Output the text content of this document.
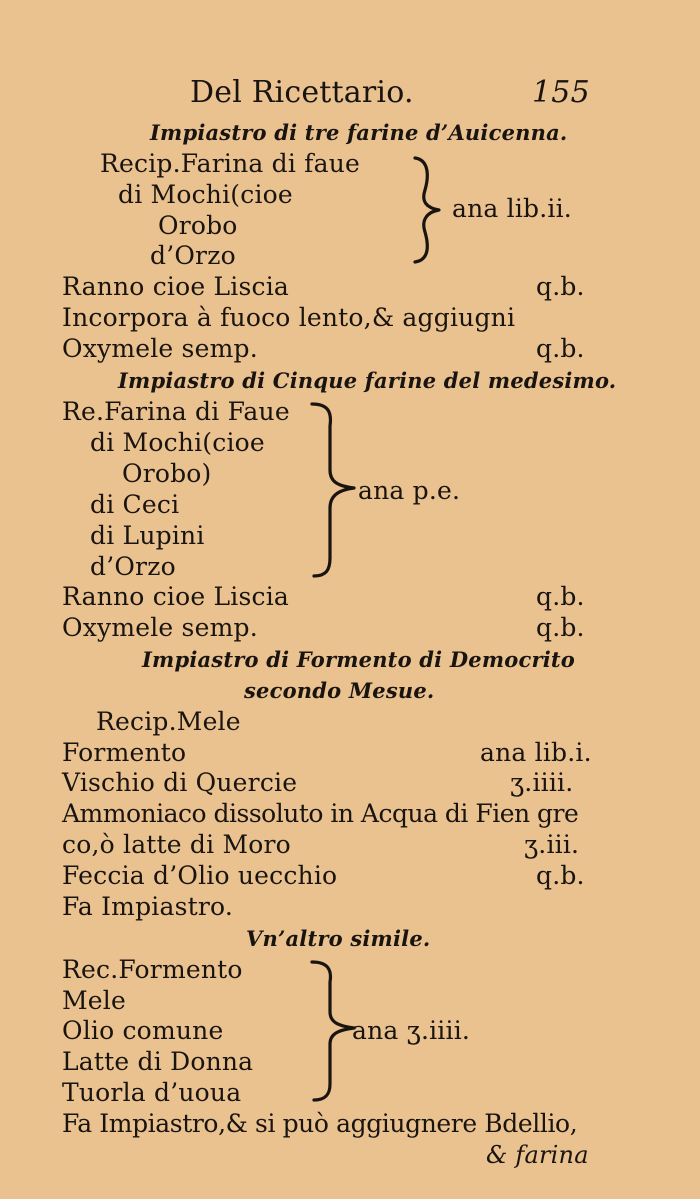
Del Ricettario.	155
Impiastro di tre farine d’Auicenna.
Recip.Farina di faue
di Mochi(cioe
Orobo
d’Orzo
ana lib.ii.
Ranno cioe Liscia	q.b.
Incorpora à fuoco lento,& aggiugni
Oxymele semp.	q.b.
Impiastro di Cinque farine del medesimo.
Re.Farina di Faue
di Mochi(cioe
Orobo)
di Ceci
di Lupini
d’Orzo
ana p.e.
Ranno cioe Liscia	q.b.
Oxymele semp.	q.b.
Impiastro di Formento di Democrito
secondo Mesue.
Recip.Mele
Formento	ana lib.i.
Vischio di Quercie	ʒ.iiii.
Ammoniaco dissoluto in Acqua di Fien gre
co,ò latte di Moro	ʒ.iii.
Feccia d’Olio uecchio	q.b.
Fa Impiastro.
Vn’altro simile.
Rec.Formento
Mele
Olio comune
Latte di Donna
Tuorla d’uoua
ana ʒ.iiii.
Fa Impiastro,& si può aggiugnere Bdellio,
& farina
